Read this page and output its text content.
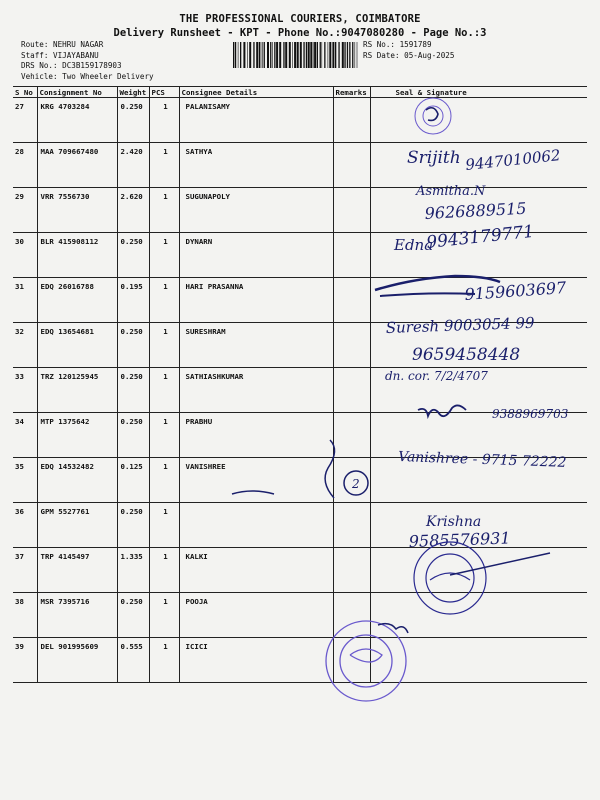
THE PROFESSIONAL COURIERS, COIMBATORE
Delivery Runsheet - KPT - Phone No.:9047080280 - Page No.:3
Route: NEHRU NAGAR
Staff: VIJAYABANU
DRS No.: DC3B159178903
Vehicle: Two Wheeler Delivery
RS No.: 1591789
RS Date: 05-Aug-2025
S No	Consignment No	Weight	PCS	Consignee Details	Remarks	Seal & Signature
27	KRG 4703284	0.250	1	PALANISAMY		
28	MAA 709667480	2.420	1	SATHYA		
29	VRR 7556730	2.620	1	SUGUNAPOLY		
30	BLR 415908112	0.250	1	DYNARN		
31	EDQ 26016788	0.195	1	HARI PRASANNA		
32	EDQ 13654681	0.250	1	SURESHRAM		
33	TRZ 120125945	0.250	1	SATHIASHKUMAR		
34	MTP 1375642	0.250	1	PRABHU		
35	EDQ 14532482	0.125	1	VANISHREE		
36	GPM 5527761	0.250	1			
37	TRP 4145497	1.335	1	KALKI		
38	MSR 7395716	0.250	1	POOJA		
39	DEL 901995609	0.555	1	ICICI		
Srijith 9447010062
Asmitha.N
9626889515
Edna
9943179771
9159603697
Suresh 9003054 99
9659458448
dn. cor. 7/2/4707
9388969703
Vanishree - 9715 72222
2
Krishna
9585576931
